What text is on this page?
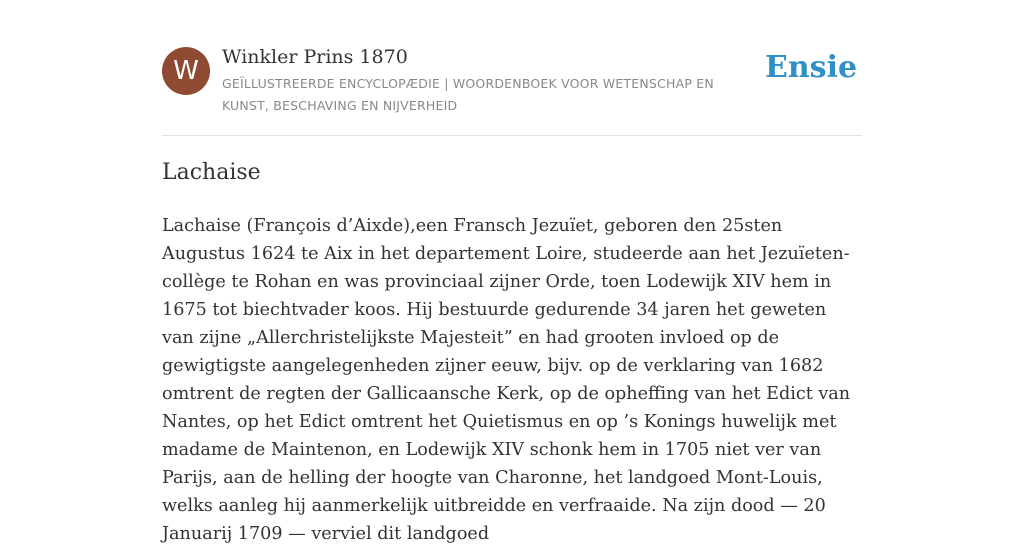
W	Winkler Prins 1870
GEÏLLUSTREERDE ENCYCLOPÆDIE | WOORDENBOEK VOOR WETENSCHAP EN KUNST, BESCHAVING EN NIJVERHEID
Ensie
Lachaise

Lachaise (François d’Aixde),een Fransch Jezuïet, geboren den 25sten Augustus 1624 te Aix in het departement Loire, studeerde aan het Jezuïeten-collège te Rohan en was provinciaal zijner Orde, toen Lodewijk XIV hem in 1675 tot biechtvader koos. Hij bestuurde gedurende 34 jaren het geweten van zijne „Allerchristelijkste Majesteit” en had grooten invloed op de gewigtigste aangelegenheden zijner eeuw, bijv. op de verklaring van 1682 omtrent de regten der Gallicaansche Kerk, op de opheffing van het Edict van Nantes, op het Edict omtrent het Quietismus en op ’s Konings huwelijk met madame de Maintenon, en Lodewijk XIV schonk hem in 1705 niet ver van Parijs, aan de helling der hoogte van Charonne, het landgoed Mont-Louis, welks aanleg hij aanmerkelijk uitbreidde en verfraaide. Na zijn dood — 20 Januarij 1709 — verviel dit landgoed
